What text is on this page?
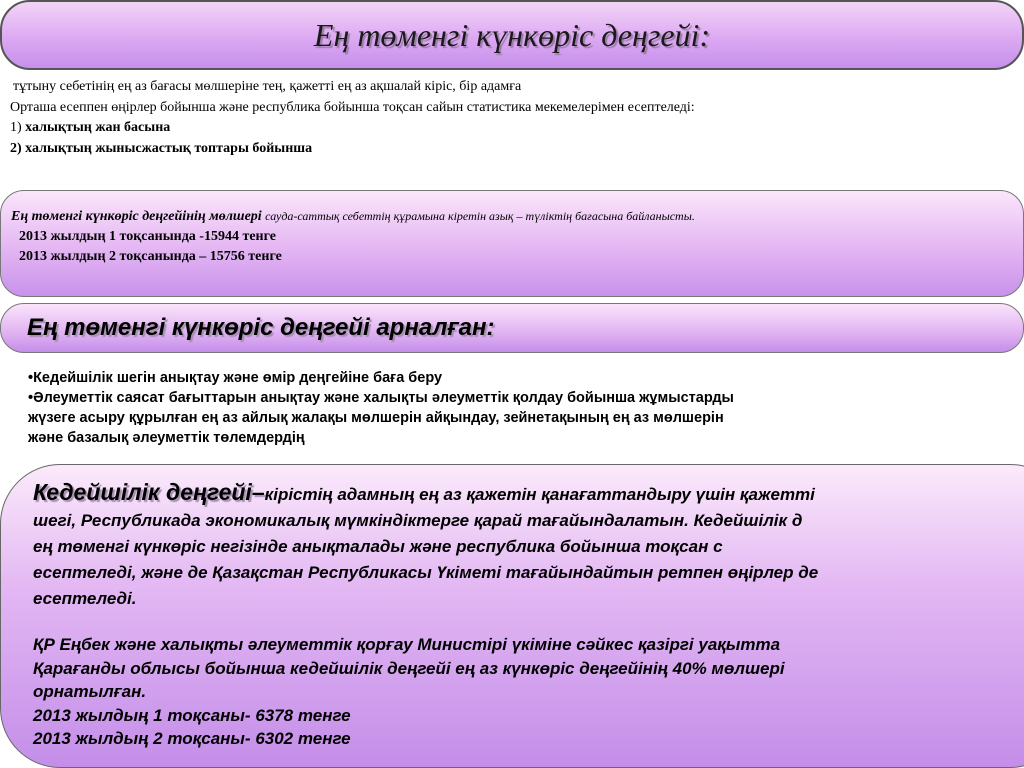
Ең төменгі күнкөріс деңгейі:
тұтыну себетінің ең аз бағасы мөлшеріне тең, қажетті ең аз ақшалай кіріс, бір адамға
Орташа есеппен өңірлер бойынша және республика бойынша тоқсан сайын статистика мекемелерімен есептеледі:
1) халықтың жан басына
2) халықтың жынысжастық топтары бойынша
Ең төменгі күнкөріс деңгейінің мөлшері сауда-саттық себеттің құрамына кіретін азық – түліктің бағасына байланысты.
2013 жылдың 1 тоқсанында -15944 тенге
2013 жылдың 2 тоқсанында – 15756 тенге
Ең төменгі күнкөріс деңгейі арналған:
•Кедейшілік шегін анықтау және өмір деңгейіне баға беру
•Әлеуметтік саясат бағыттарын анықтау және халықты әлеуметтік қолдау бойынша жұмыстарды
жүзеге асыру құрылған ең аз айлық жалақы мөлшерін айқындау, зейнетақының ең аз мөлшерін
және базалық әлеуметтік төлемдердің
Кедейшілік деңгейі–кірістің адамның ең аз қажетін қанағаттандыру үшін қажетті
шегі, Республикада экономикалық мүмкіндіктерге қарай тағайындалатын. Кедейшілік д
ең төменгі күнкөріс негізінде анықталады және республика бойынша тоқсан с
есептеледі, және де Қазақстан Республикасы Үкіметі тағайындайтын ретпен өңірлер де
есептеледі.
ҚР Еңбек және халықты әлеуметтік қорғау Министірі үкіміне сәйкес қазіргі уақытта
Қарағанды облысы бойынша кедейшілік деңгейі ең аз күнкөріс деңгейінің 40% мөлшері
орнатылған.
2013 жылдың 1 тоқсаны- 6378 тенге
2013 жылдың 2 тоқсаны- 6302 тенге
